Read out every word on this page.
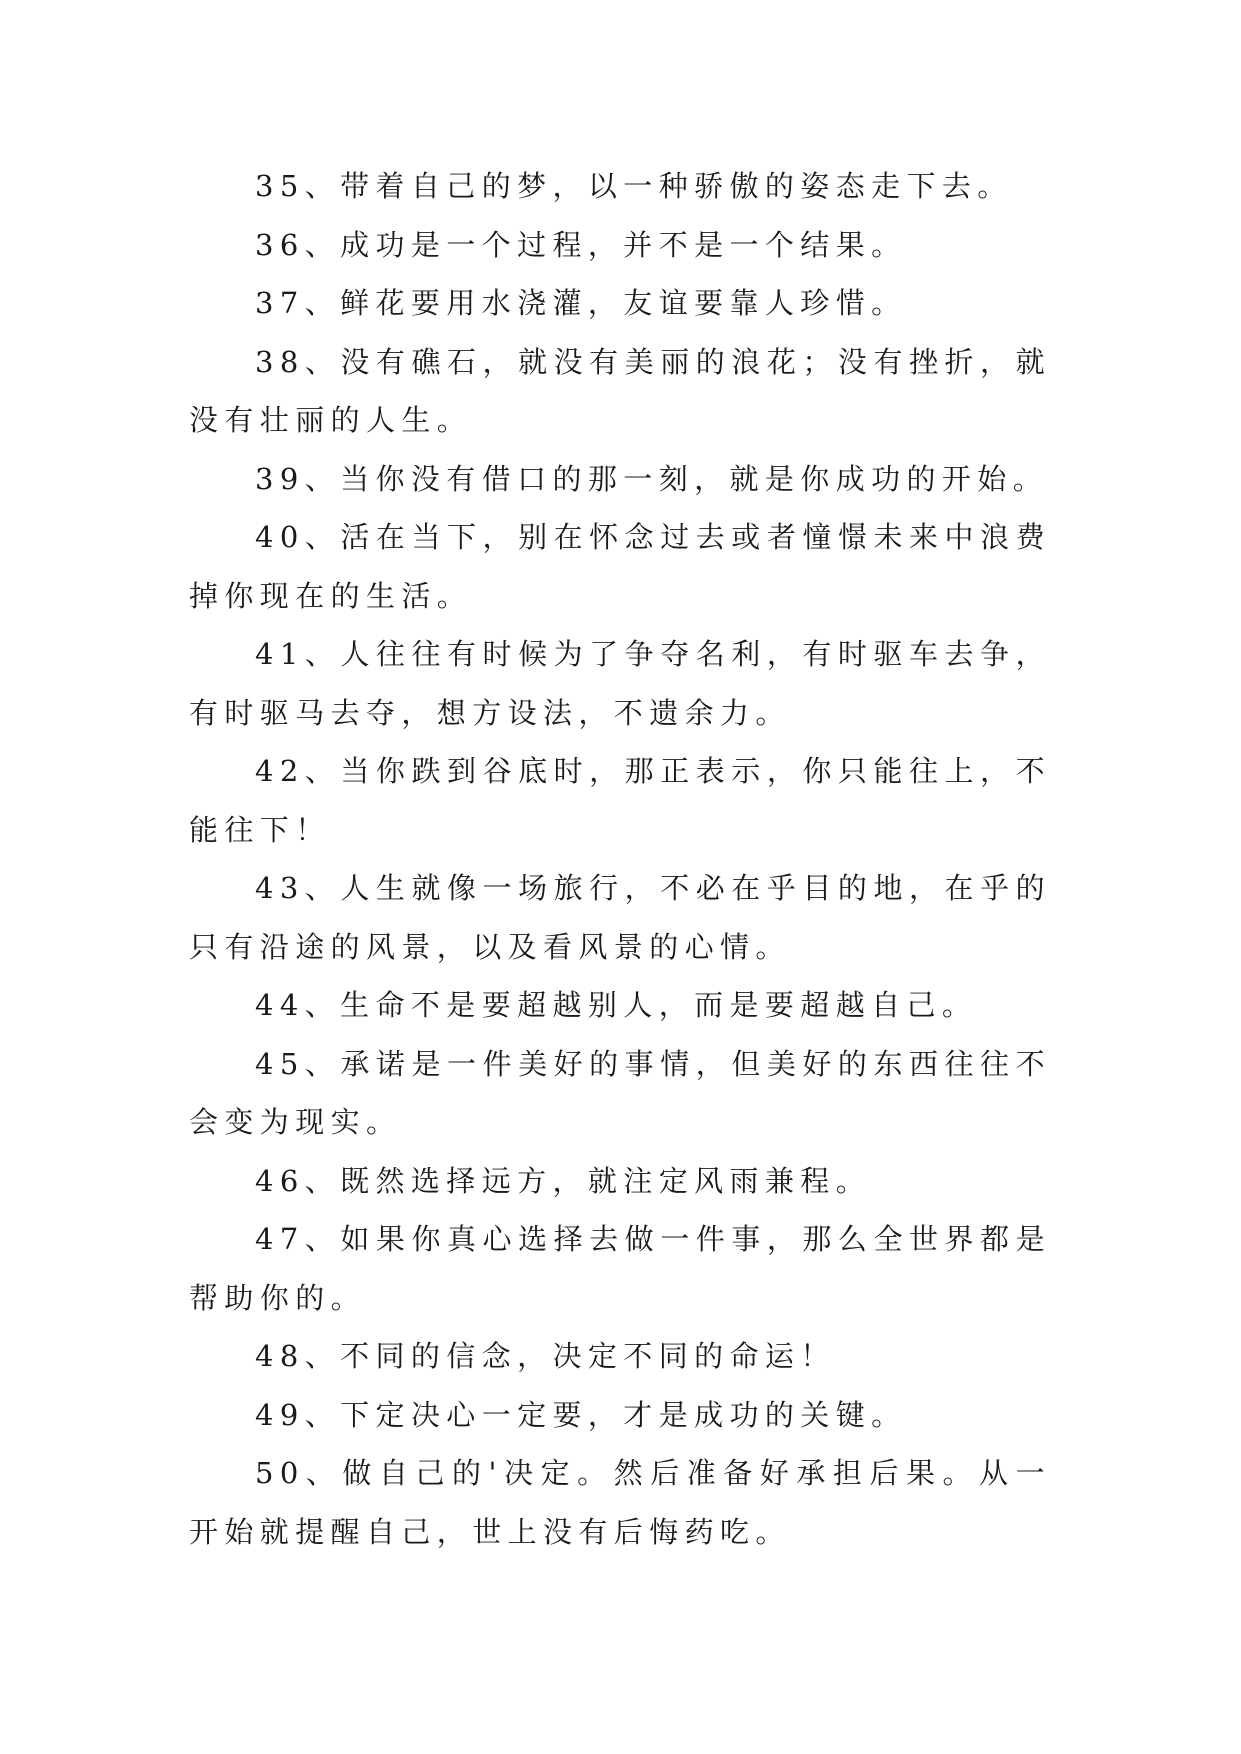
35、带着自己的梦，以一种骄傲的姿态走下去。

36、成功是一个过程，并不是一个结果。

37、鲜花要用水浇灌，友谊要靠人珍惜。

38、没有礁石，就没有美丽的浪花；没有挫折，就没有壮丽的人生。

39、当你没有借口的那一刻，就是你成功的开始。

40、活在当下，别在怀念过去或者憧憬未来中浪费掉你现在的生活。

41、人往往有时候为了争夺名利，有时驱车去争，有时驱马去夺，想方设法，不遗余力。

42、当你跌到谷底时，那正表示，你只能往上，不能往下！

43、人生就像一场旅行，不必在乎目的地，在乎的只有沿途的风景，以及看风景的心情。

44、生命不是要超越别人，而是要超越自己。

45、承诺是一件美好的事情，但美好的东西往往不会变为现实。

46、既然选择远方，就注定风雨兼程。

47、如果你真心选择去做一件事，那么全世界都是帮助你的。

48、不同的信念，决定不同的命运！

49、下定决心一定要，才是成功的关键。

50、做自己的'决定。然后准备好承担后果。从一开始就提醒自己，世上没有后悔药吃。
